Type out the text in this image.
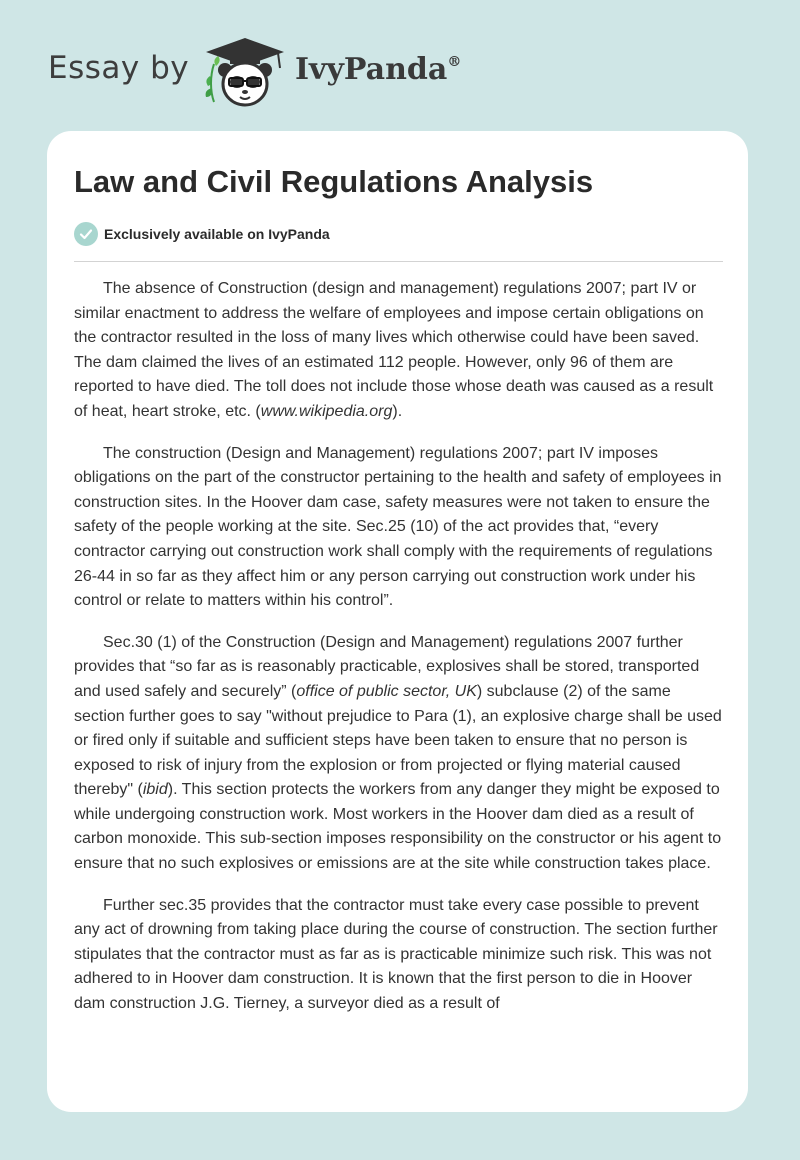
Essay by	IvyPanda®
Law and Civil Regulations Analysis
Exclusively available on IvyPanda

The absence of Construction (design and management) regulations 2007; part IV or similar enactment to address the welfare of employees and impose certain obligations on the contractor resulted in the loss of many lives which otherwise could have been saved. The dam claimed the lives of an estimated 112 people. However, only 96 of them are reported to have died. The toll does not include those whose death was caused as a result of heat, heart stroke, etc. (www.wikipedia.org).

The construction (Design and Management) regulations 2007; part IV imposes obligations on the part of the constructor pertaining to the health and safety of employees in construction sites. In the Hoover dam case, safety measures were not taken to ensure the safety of the people working at the site. Sec.25 (10) of the act provides that, “every contractor carrying out construction work shall comply with the requirements of regulations 26-44 in so far as they affect him or any person carrying out construction work under his control or relate to matters within his control”.

Sec.30 (1) of the Construction (Design and Management) regulations 2007 further provides that “so far as is reasonably practicable, explosives shall be stored, transported and used safely and securely” (office of public sector, UK) subclause (2) of the same section further goes to say "without prejudice to Para (1), an explosive charge shall be used or fired only if suitable and sufficient steps have been taken to ensure that no person is exposed to risk of injury from the explosion or from projected or flying material caused thereby" (ibid). This section protects the workers from any danger they might be exposed to while undergoing construction work. Most workers in the Hoover dam died as a result of carbon monoxide. This sub-section imposes responsibility on the constructor or his agent to ensure that no such explosives or emissions are at the site while construction takes place.

Further sec.35 provides that the contractor must take every case possible to prevent any act of drowning from taking place during the course of construction. The section further stipulates that the contractor must as far as is practicable minimize such risk. This was not adhered to in Hoover dam construction. It is known that the first person to die in Hoover dam construction J.G. Tierney, a surveyor died as a result of
